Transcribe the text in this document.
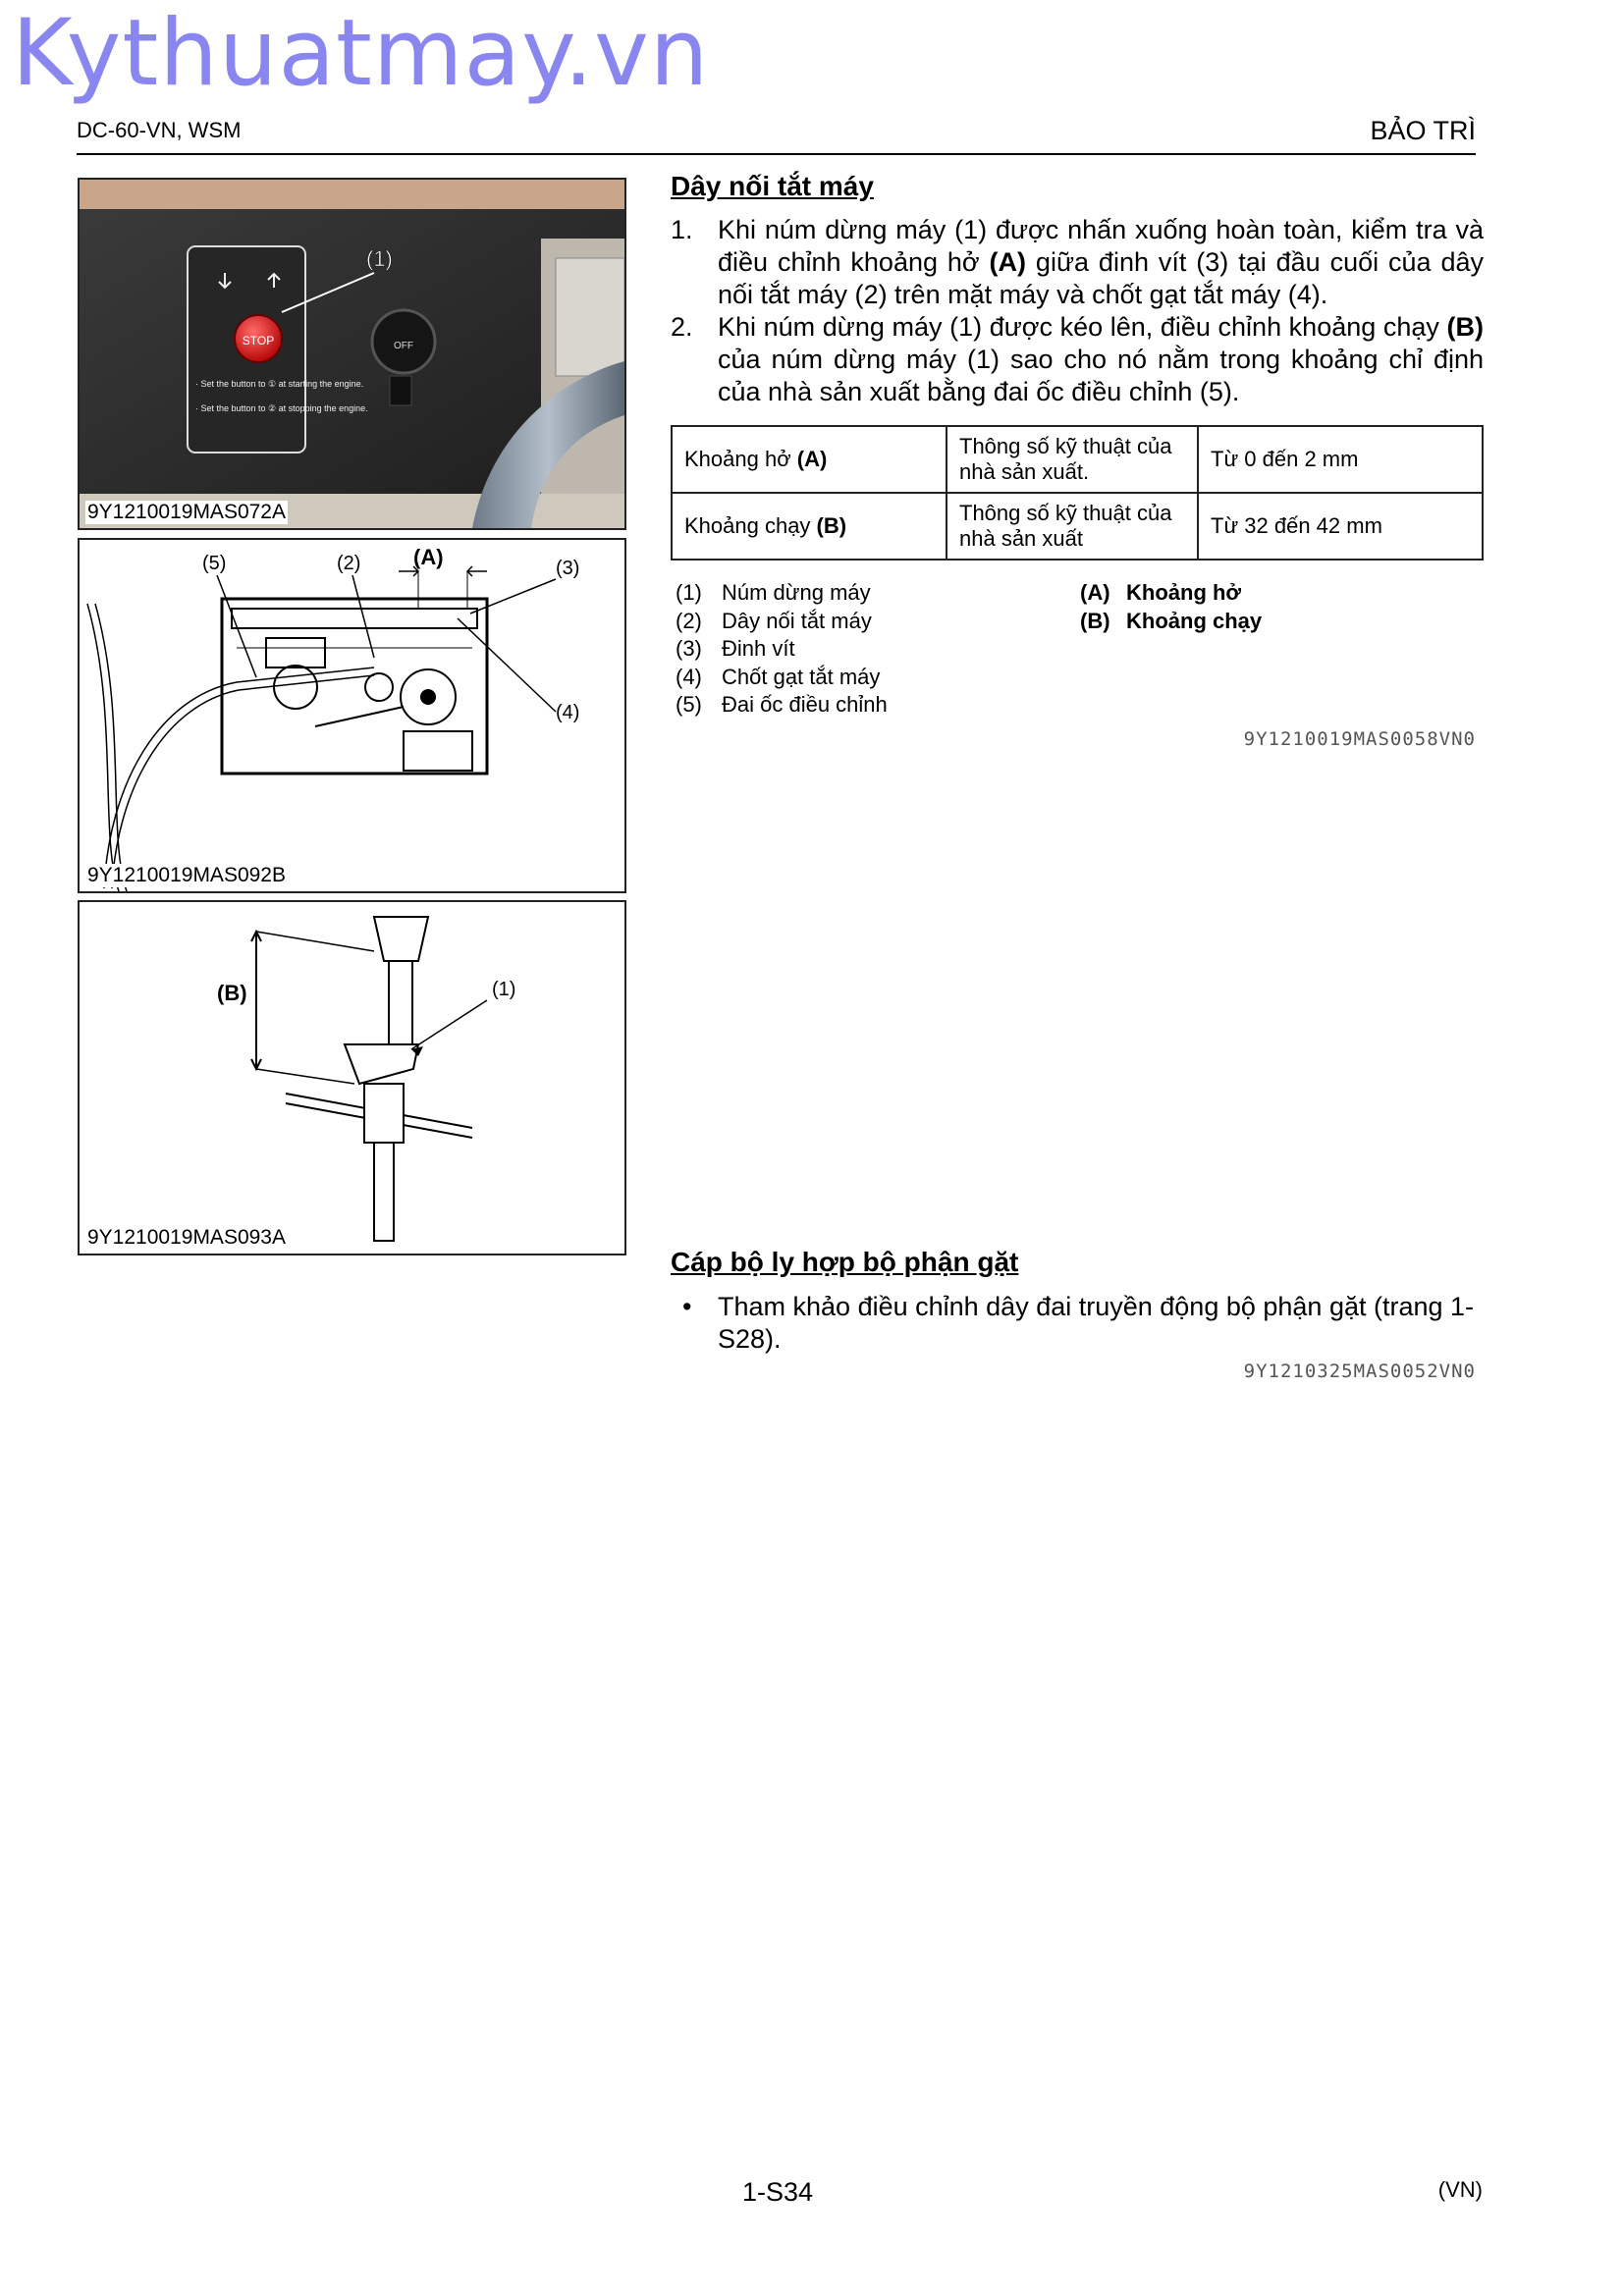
Kythuatmay.vn
DC-60-VN, WSM	BẢO TRÌ
STOP
· Set the button to ① at starting the engine.
· Set the button to ② at stopping the engine.
OFF
(1)
9Y1210019MAS072A
(5)	(2) (A)	(3)
(4)
9Y1210019MAS092B
(B)	(1)
9Y1210019MAS093A
Dây nối tắt máy
1. Khi núm dừng máy (1) được nhấn xuống hoàn toàn, kiểm tra và điều chỉnh khoảng hở (A) giữa đinh vít (3) tại đầu cuối của dây nối tắt máy (2) trên mặt máy và chốt gạt tắt máy (4).
2. Khi núm dừng máy (1) được kéo lên, điều chỉnh khoảng chạy (B) của núm dừng máy (1) sao cho nó nằm trong khoảng chỉ định của nhà sản xuất bằng đai ốc điều chỉnh (5).
Khoảng hở (A)	Thông số kỹ thuật của nhà sản xuất.	Từ 0 đến 2 mm
Khoảng chạy (B)	Thông số kỹ thuật của nhà sản xuất	Từ 32 đến 42 mm
(1) Núm dừng máy
(2) Dây nối tắt máy
(3) Đinh vít
(4) Chốt gạt tắt máy
(5) Đai ốc điều chỉnh
(A) Khoảng hở
(B) Khoảng chạy
9Y1210019MAS0058VN0
Cáp bộ ly hợp bộ phận gặt
• Tham khảo điều chỉnh dây đai truyền động bộ phận gặt (trang 1-S28).
9Y1210325MAS0052VN0
1-S34	(VN)
